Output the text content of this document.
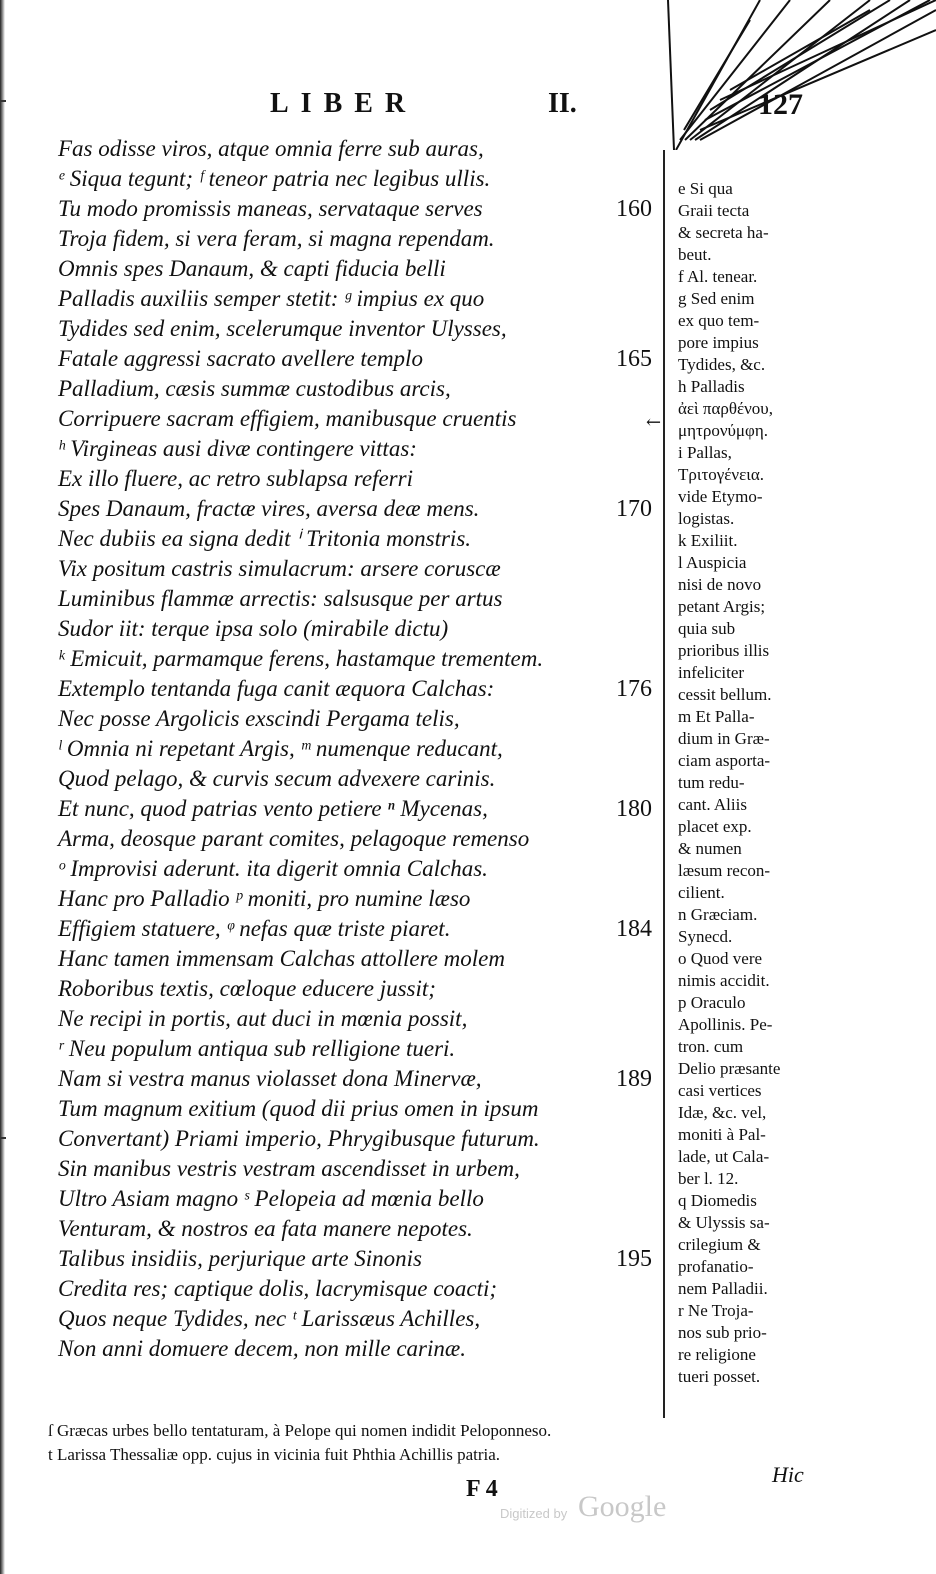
LIBER	II.	127
Fas odisse viros, atque omnia ferre sub auras,
ᵉ Siqua tegunt; ᶠ teneor patria nec legibus ullis.
Tu modo promissis maneas, servataque serves	160
Troja fidem, si vera feram, si magna rependam.
Omnis spes Danaum, & capti fiducia belli
Palladis auxiliis semper stetit: ᵍ impius ex quo
Tydides sed enim, scelerumque inventor Ulysses,
Fatale aggressi sacrato avellere templo	165
Palladium, cæsis summæ custodibus arcis,
Corripuere sacram effigiem, manibusque cruentis
ʰ Virgineas ausi divæ contingere vittas:
Ex illo fluere, ac retro sublapsa referri
Spes Danaum, fractæ vires, aversa deæ mens.	170
Nec dubiis ea signa dedit ⁱ Tritonia monstris.
Vix positum castris simulacrum: arsere coruscæ
Luminibus flammæ arrectis: salsusque per artus
Sudor iit: terque ipsa solo (mirabile dictu)
ᵏ Emicuit, parmamque ferens, hastamque trementem.
Extemplo tentanda fuga canit æquora Calchas:	176
Nec posse Argolicis exscindi Pergama telis,
ˡ Omnia ni repetant Argis, ᵐ numenque reducant,
Quod pelago, & curvis secum advexere carinis.
Et nunc, quod patrias vento petiere ⁿ Mycenas,	180
Arma, deosque parant comites, pelagoque remenso
ᵒ Improvisi aderunt. ita digerit omnia Calchas.
Hanc pro Palladio ᵖ moniti, pro numine læso
Effigiem statuere, ᵠ nefas quæ triste piaret.	184
Hanc tamen immensam Calchas attollere molem
Roboribus textis, cœloque educere jussit;
Ne recipi in portis, aut duci in mœnia possit,
ʳ Neu populum antiqua sub relligione tueri.
Nam si vestra manus violasset dona Minervæ,	189
Tum magnum exitium (quod dii prius omen in ipsum
Convertant) Priami imperio, Phrygibusque futurum.
Sin manibus vestris vestram ascendisset in urbem,
Ultro Asiam magno ˢ Pelopeia ad mœnia bello
Venturam, & nostros ea fata manere nepotes.
Talibus insidiis, perjurique arte Sinonis	195
Credita res; captique dolis, lacrymisque coacti;
Quos neque Tydides, nec ᵗ Larissæus Achilles,
Non anni domuere decem, non mille carinæ.
←
e Si qua
Graii tecta
& secreta ha-
beut.
f Al. tenear.
g Sed enim
ex quo tem-
pore impius
Tydides, &c.
h Palladis
ἀεὶ παρθένου,
μητρονύμφη.
i Pallas,
Τριτογένεια.
vide Etymo-
logistas.
k Exiliit.
l Auspicia
nisi de novo
petant Argis;
quia sub
prioribus illis
infeliciter
cessit bellum.
m Et Palla-
dium in Græ-
ciam asporta-
tum redu-
cant. Aliis
placet exp.
& numen
læsum recon-
cilient.
n Græciam.
Synecd.
o Quod vere
nimis accidit.
p Oraculo
Apollinis. Pe-
tron. cum
Delio præsante
casi vertices
Idæ, &c. vel,
moniti à Pal-
lade, ut Cala-
ber l. 12.
q Diomedis
& Ulyssis sa-
crilegium &
profanatio-
nem Palladii.
r Ne Troja-
nos sub prio-
re religione
tueri posset.
ſ Græcas urbes bello tentaturam, à Pelope qui nomen indidit Peloponneso.
t Larissa Thessaliæ opp. cujus in vicinia fuit Phthia Achillis patria.
F 4
Hic
Digitized by Google
